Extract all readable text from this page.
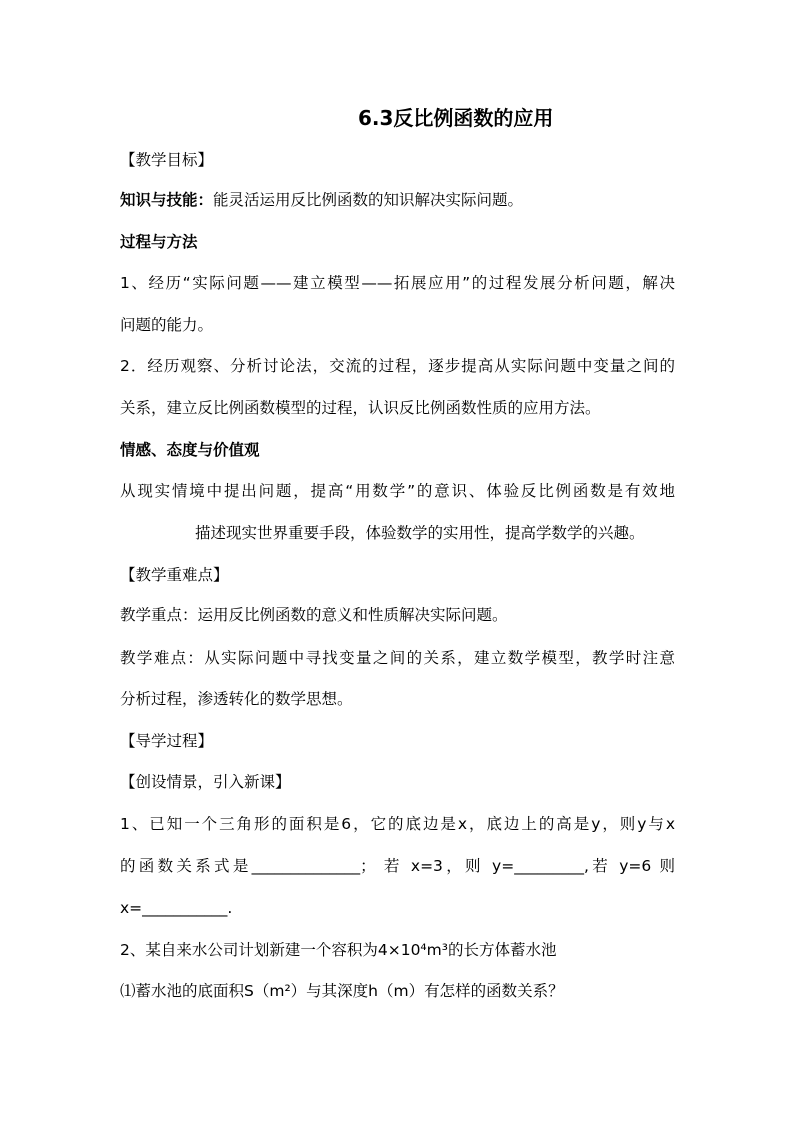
6.3反比例函数的应用
【教学目标】
知识与技能：能灵活运用反比例函数的知识解决实际问题。
过程与方法
1、经历“实际问题——建立模型——拓展应用”的过程发展分析问题，解决
问题的能力。
2．经历观察、分析讨论法，交流的过程，逐步提高从实际问题中变量之间的
关系，建立反比例函数模型的过程，认识反比例函数性质的应用方法。
情感、态度与价值观
从现实情境中提出问题，提高“用数学”的意识、体验反比例函数是有效地
描述现实世界重要手段，体验数学的实用性，提高学数学的兴趣。
【教学重难点】
教学重点：运用反比例函数的意义和性质解决实际问题。
教学难点：从实际问题中寻找变量之间的关系，建立数学模型，教学时注意
分析过程，渗透转化的数学思想。
【导学过程】
【创设情景，引入新课】
1、已知一个三角形的面积是6，它的底边是x，底边上的高是y，则y与x
的函数关系式是______________； 若 x=3，则 y=_________,若 y=6 则
x=___________.
2、某自来水公司计划新建一个容积为4×10⁴m³的长方体蓄水池
⑴蓄水池的底面积S（m²）与其深度h（m）有怎样的函数关系？
